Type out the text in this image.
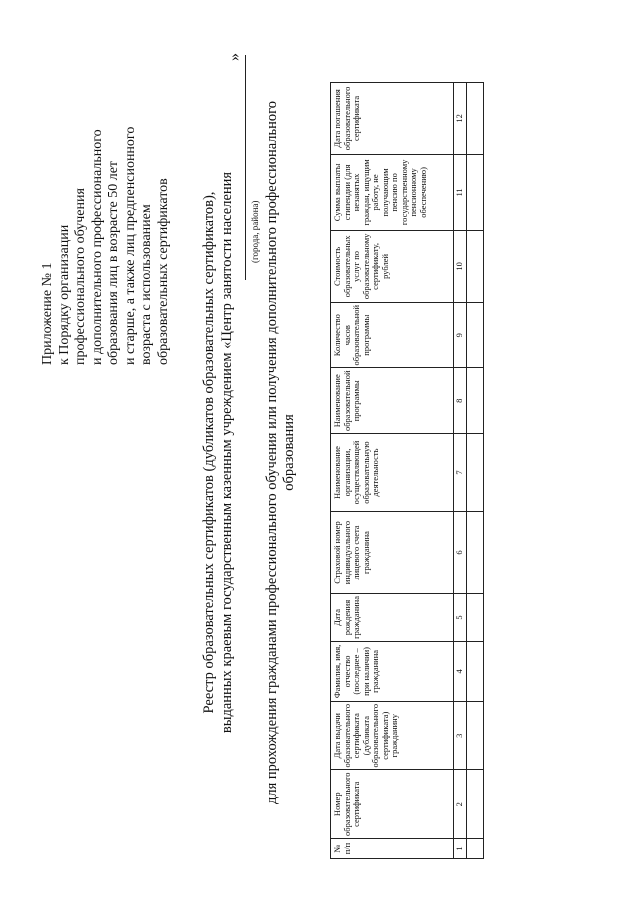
Приложение № 1 к Порядку организации профессионального обучения и дополнительного профессионального образования лиц в возрасте 50 лет и старше, а также лиц предпенсионного возраста с использованием образовательных сертификатов Реестр образовательных сертификатов (дубликатов образовательных сертификатов), выданных краевым государственным казенным учреждением «Центр занятости населения
»
(города, района) для прохождения гражданами профессионального обучения или получения дополнительного профессионального образования
№ п/п	Номер образовательного сертификата	Дата выдачи образовательного сертификата (дубликата образовательного сертификата) гражданину	Фамилия, имя, отчество (последнее – при наличии) гражданина	Дата рождения гражданина	Страховой номер индивидуального лицевого счета гражданина	Наименование организации, осуществляющей образовательную деятельность	Наименование образовательной программы	Количество часов образовательной программы	Стоимость образовательных услуг по образовательному сертификату, рублей	Сумма выплаты стипендии (для незанятых граждан, ищущим работу, не получающим пенсию по государственному пенсионному обеспечению)	Дата погашения образовательного сертификата
1	2	3	4	5	6	7	8	9	10	11	12
